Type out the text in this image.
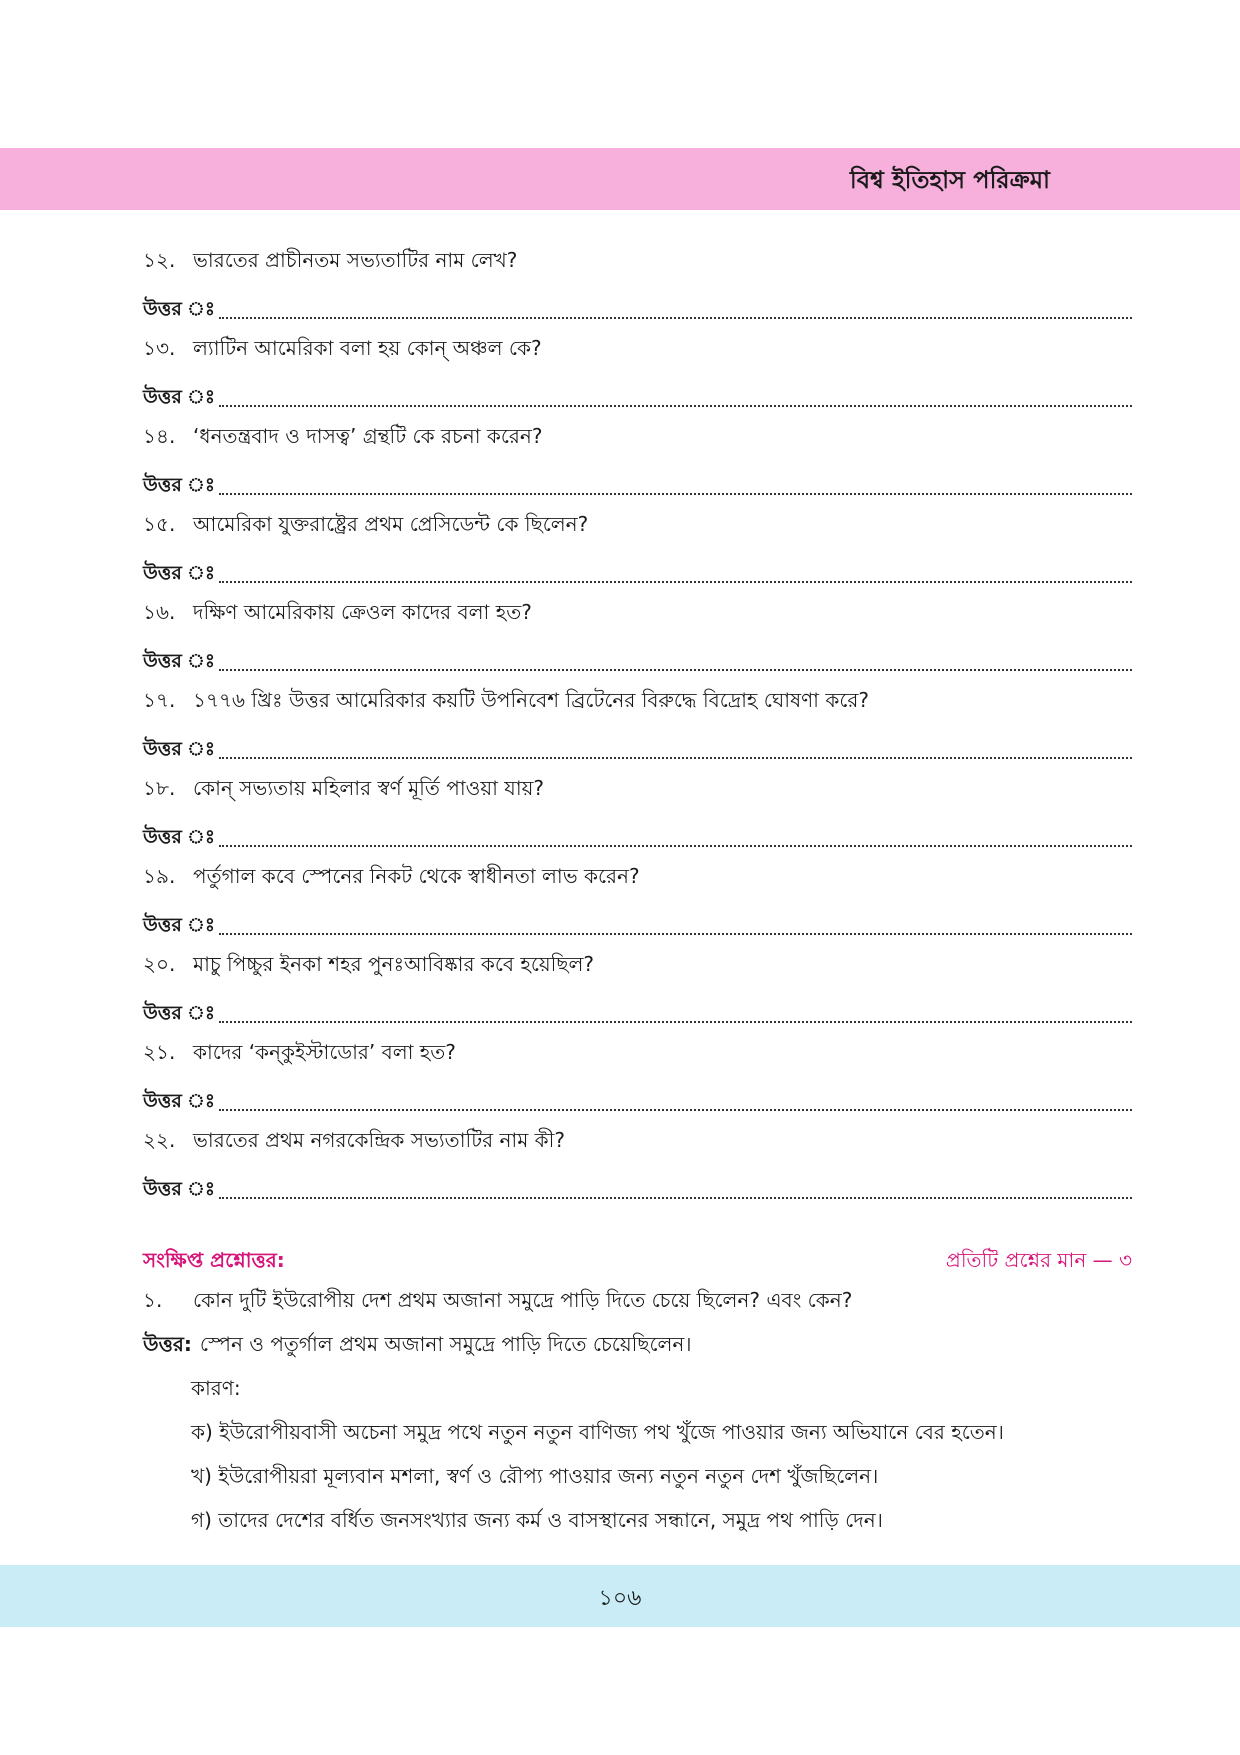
বিশ্ব ইতিহাস পরিক্রমা
১২. ভারতের প্রাচীনতম সভ্যতাটির নাম লেখ?
উত্তর ঃ
১৩. ল্যাটিন আমেরিকা বলা হয় কোন্ অঞ্চল কে?
উত্তর ঃ
১৪. ‘ধনতন্ত্রবাদ ও দাসত্ব’ গ্রন্থটি কে রচনা করেন?
উত্তর ঃ
১৫. আমেরিকা যুক্তরাষ্ট্রের প্রথম প্রেসিডেন্ট কে ছিলেন?
উত্তর ঃ
১৬. দক্ষিণ আমেরিকায় ক্রেওল কাদের বলা হত?
উত্তর ঃ
১৭. ১৭৭৬ খ্রিঃ উত্তর আমেরিকার কয়টি উপনিবেশ ব্রিটেনের বিরুদ্ধে বিদ্রোহ ঘোষণা করে?
উত্তর ঃ
১৮. কোন্ সভ্যতায় মহিলার স্বর্ণ মূর্তি পাওয়া যায়?
উত্তর ঃ
১৯. পর্তুগাল কবে স্পেনের নিকট থেকে স্বাধীনতা লাভ করেন?
উত্তর ঃ
২০. মাচু পিচ্চুর ইনকা শহর পুনঃআবিষ্কার কবে হয়েছিল?
উত্তর ঃ
২১. কাদের ‘কন্‌কুইস্টাডোর’ বলা হত?
উত্তর ঃ
২২. ভারতের প্রথম নগরকেন্দ্রিক সভ্যতাটির নাম কী?
উত্তর ঃ
সংক্ষিপ্ত প্রশ্নোত্তর:	প্রতিটি প্রশ্নের মান — ৩
১.	কোন দুটি ইউরোপীয় দেশ প্রথম অজানা সমুদ্রে পাড়ি দিতে চেয়ে ছিলেন? এবং কেন?
উত্তর: স্পেন ও পতুর্গাল প্রথম অজানা সমুদ্রে পাড়ি দিতে চেয়েছিলেন।
কারণ:
ক) ইউরোপীয়বাসী অচেনা সমুদ্র পথে নতুন নতুন বাণিজ্য পথ খুঁজে পাওয়ার জন্য অভিযানে বের হতেন।
খ) ইউরোপীয়রা মূল্যবান মশলা, স্বর্ণ ও রৌপ্য পাওয়ার জন্য নতুন নতুন দেশ খুঁজছিলেন।
গ) তাদের দেশের বর্ধিত জনসংখ্যার জন্য কর্ম ও বাসস্থানের সন্ধানে, সমুদ্র পথ পাড়ি দেন।
১০৬
